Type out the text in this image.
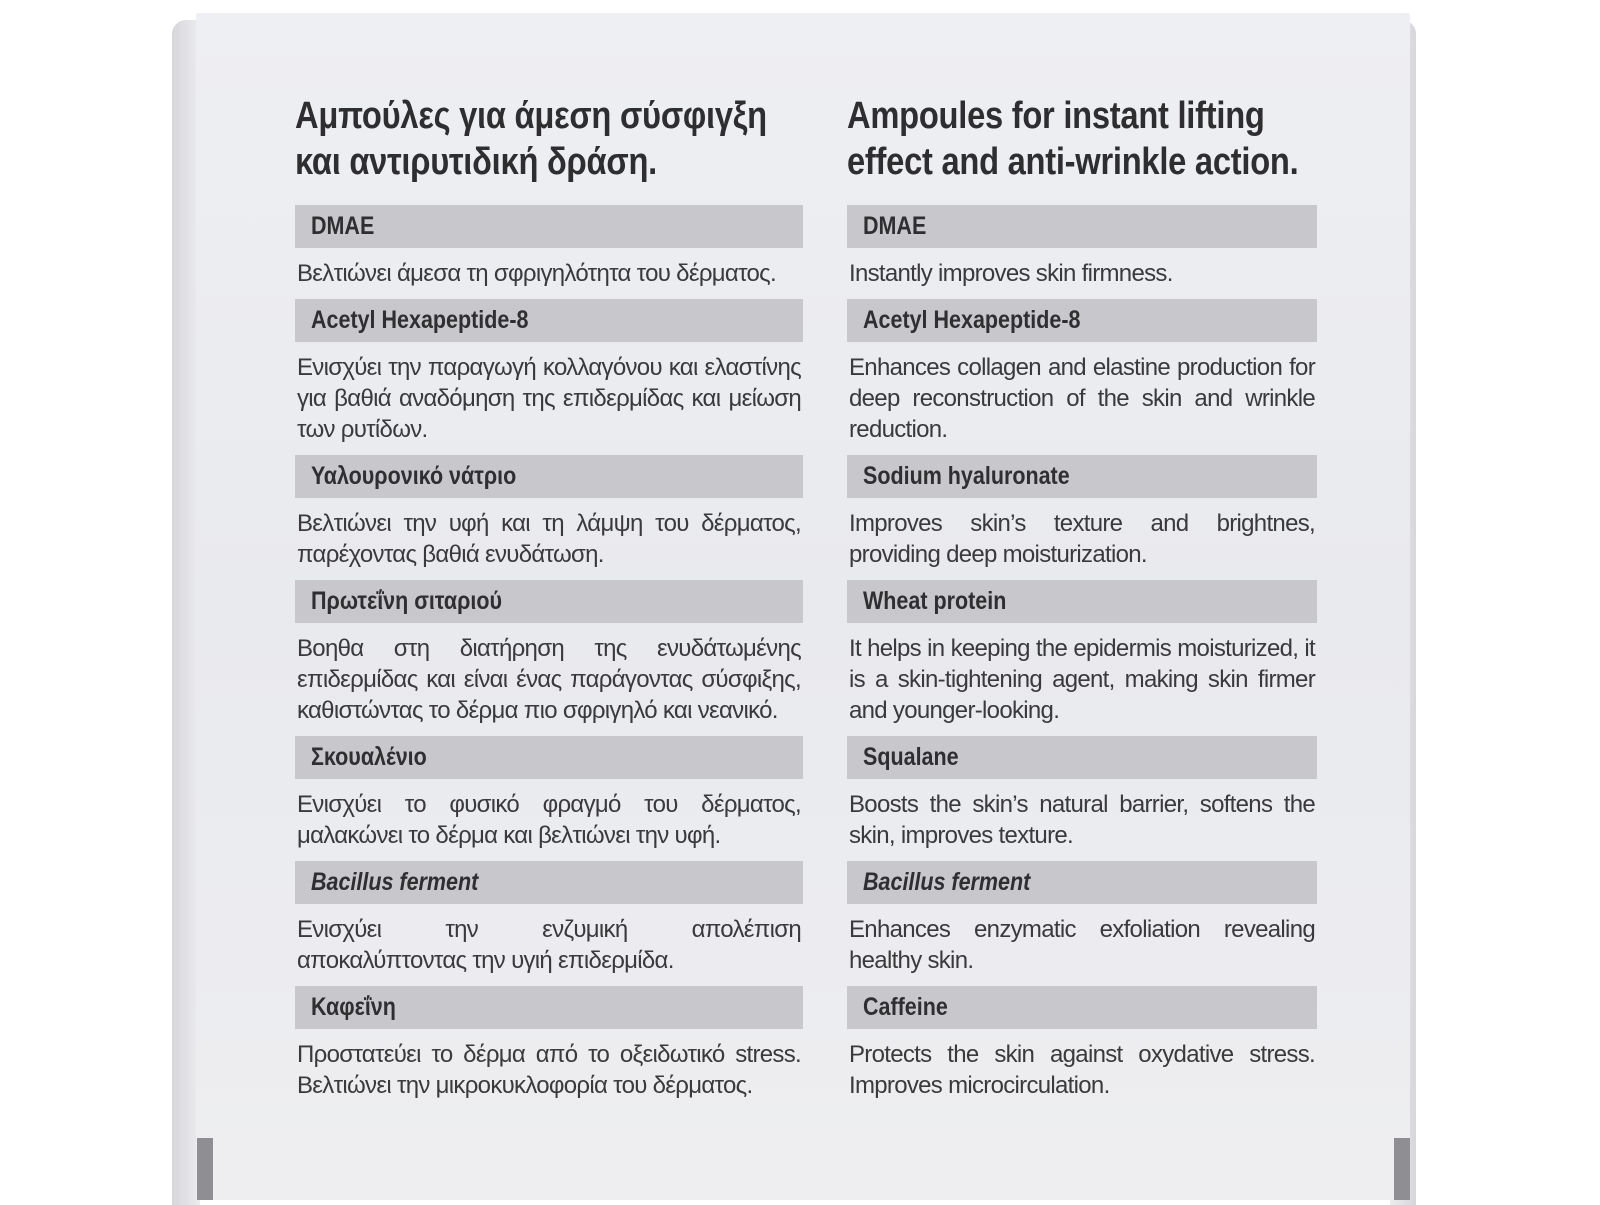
Αμπούλες για άμεση σύσφιγξη
και αντιρυτιδική δράση.
DMAE

Βελτιώνει άμεσα τη σφριγηλότητα του δέρματος.

Acetyl Hexapeptide-8

Ενισχύει την παραγωγή κολλαγόνου και ελαστίνης για βαθιά αναδόμηση της επιδερμίδας και μείωση των ρυτίδων.

Υαλουρονικό νάτριο

Βελτιώνει την υφή και τη λάμψη του δέρματος, παρέχοντας βαθιά ενυδάτωση.

Πρωτεΐνη σιταριού

Βοηθα στη διατήρηση της ενυδάτωμένης επιδερμίδας και είναι ένας παράγοντας σύσφιξης, καθιστώντας το δέρμα πιο σφριγηλό και νεανικό.

Σκουαλένιο

Ενισχύει το φυσικό φραγμό του δέρματος, μαλακώνει το δέρμα και βελτιώνει την υφή.

Bacillus ferment

Ενισχύει την ενζυμική απολέπιση αποκαλύπτοντας την υγιή επιδερμίδα.

Καφεΐνη

Προστατεύει το δέρμα από το οξειδωτικό stress. Βελτιώνει την μικροκυκλοφορία του δέρματος.

Ampoules for instant lifting
effect and anti-wrinkle action.
DMAE

Instantly improves skin firmness.

Acetyl Hexapeptide-8

Enhances collagen and elastine production for deep reconstruction of the skin and wrinkle reduction.

Sodium hyaluronate

Improves skin’s texture and brightnes, providing deep moisturization.

Wheat protein

It helps in keeping the epidermis moisturized, it is a skin-tightening agent, making skin firmer and younger-looking.

Squalane

Boosts the skin’s natural barrier, softens the skin, improves texture.

Bacillus ferment

Enhances enzymatic exfoliation revealing healthy skin.

Caffeine

Protects the skin against oxydative stress. Improves microcirculation.
